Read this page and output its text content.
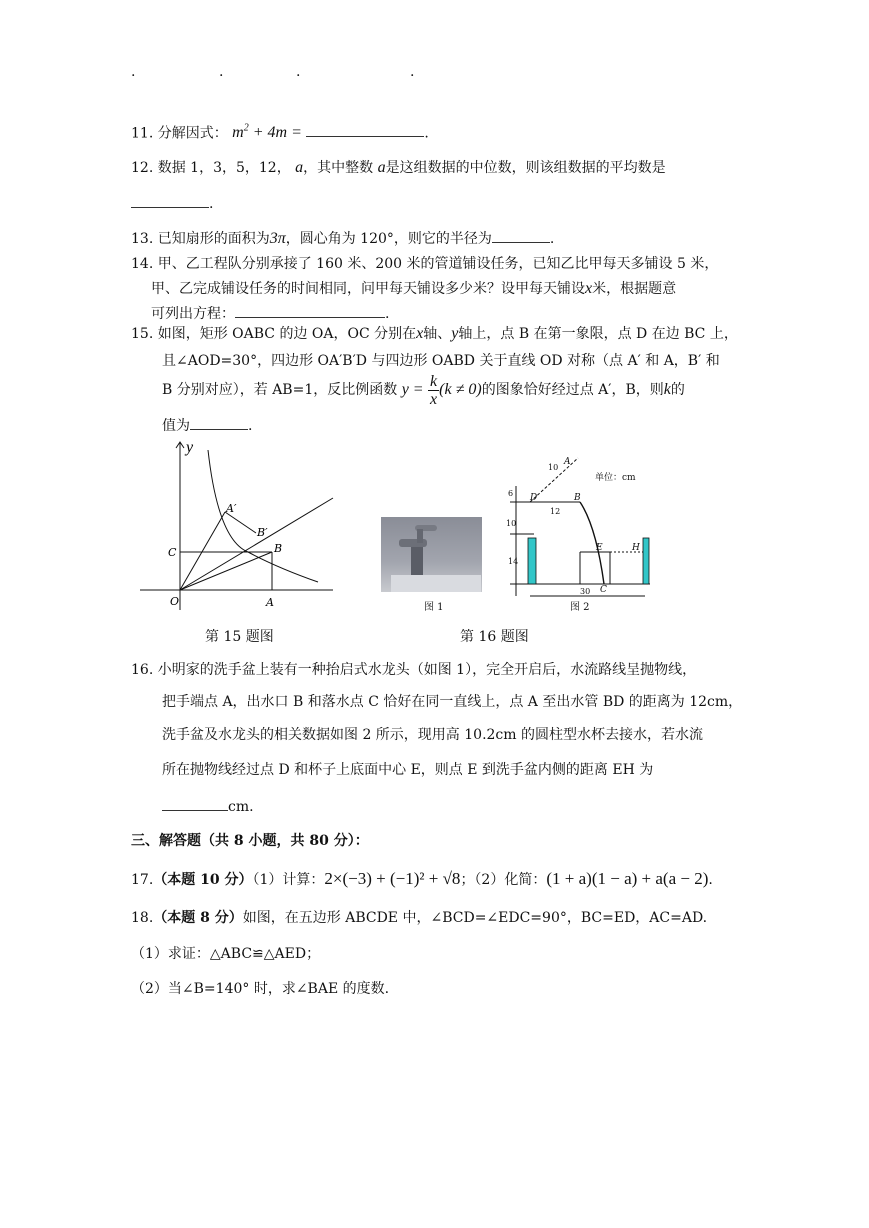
.	.	.	.
11. 分解因式： $m^2 + 4m$ =	.
12. 数据 1，3，5，12， a，其中整数 a是这组数据的中位数，则该组数据的平均数是
.
13. 已知扇形的面积为3π，圆心角为 120°，则它的半径为	.
14. 甲、乙工程队分别承接了 160 米、200 米的管道铺设任务，已知乙比甲每天多铺设 5 米，
甲、乙完成铺设任务的时间相同，问甲每天铺设多少米？设甲每天铺设x米，根据题意
可列出方程：	.
15. 如图，矩形 OABC 的边 OA，OC 分别在x轴、y轴上，点 B 在第一象限，点 D 在边 BC 上，
且∠AOD=30°，四边形 OA′B′D 与四边形 OABD 关于直线 OD 对称（点 A′ 和 A，B′ 和
B 分别对应），若 AB=1，反比例函数 $y = \frac{k}{x} (k \ne 0)$的图象恰好经过点 A′，B，则k的
值为	.
y
C
O	A
A′
B′
B
第 15 题图
图 1
单位：cm
D	B
A
E	H
C
10
6
12
10
14
30
图 2
第 16 题图
16. 小明家的洗手盆上装有一种抬启式水龙头（如图 1），完全开启后，水流路线呈抛物线，
把手端点 A，出水口 B 和落水点 C 恰好在同一直线上，点 A 至出水管 BD 的距离为 12cm，
洗手盆及水龙头的相关数据如图 2 所示，现用高 10.2cm 的圆柱型水杯去接水，若水流
所在抛物线经过点 D 和杯子上底面中心 E，则点 E 到洗手盆内侧的距离 EH 为
cm.
三、解答题（共 8 小题，共 80 分）：
17.（本题 10 分）（1）计算：2×(−3) + (−1)² + √8；（2）化简：(1 + a)(1 − a) + a(a − 2).
18.（本题 8 分）如图，在五边形 ABCDE 中，∠BCD=∠EDC=90°，BC=ED，AC=AD.
（1）求证：△ABC≌△AED；
（2）当∠B=140° 时，求∠BAE 的度数.
